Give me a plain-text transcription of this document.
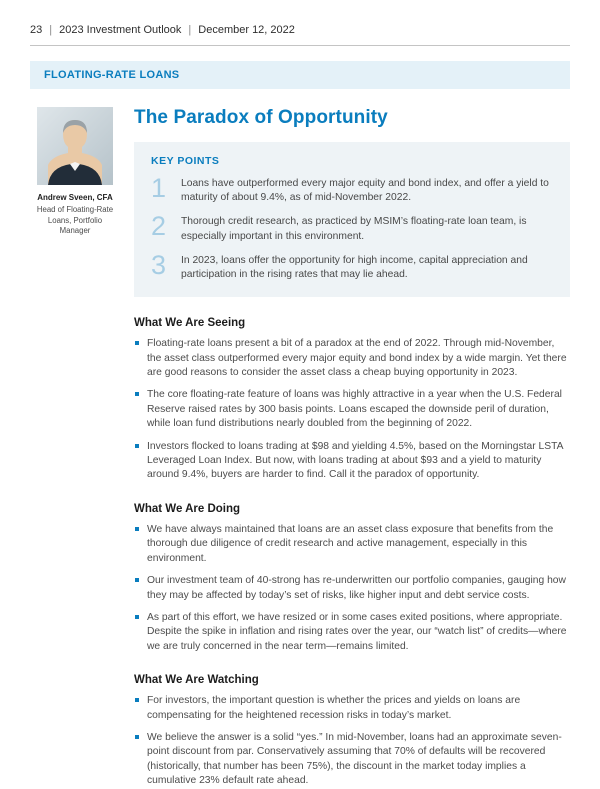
23 | 2023 Investment Outlook | December 12, 2022
FLOATING-RATE LOANS
Andrew Sveen, CFA
Head of Floating-Rate Loans, Portfolio Manager
The Paradox of Opportunity
KEY POINTS
1	Loans have outperformed every major equity and bond index, and offer a yield to maturity of about 9.4%, as of mid-November 2022.
2	Thorough credit research, as practiced by MSIM’s floating-rate loan team, is especially important in this environment.
3	In 2023, loans offer the opportunity for high income, capital appreciation and participation in the rising rates that may lie ahead.
What We Are Seeing
Floating-rate loans present a bit of a paradox at the end of 2022. Through mid-November, the asset class outperformed every major equity and bond index by a wide margin. Yet there are good reasons to consider the asset class a cheap buying opportunity in 2023.
The core floating-rate feature of loans was highly attractive in a year when the U.S. Federal Reserve raised rates by 300 basis points. Loans escaped the downside peril of duration, while loan fund distributions nearly doubled from the beginning of 2022.
Investors flocked to loans trading at $98 and yielding 4.5%, based on the Morningstar LSTA Leveraged Loan Index. But now, with loans trading at about $93 and a yield to maturity around 9.4%, buyers are harder to find. Call it the paradox of opportunity.
What We Are Doing
We have always maintained that loans are an asset class exposure that benefits from the thorough due diligence of credit research and active management, especially in this environment.
Our investment team of 40-strong has re-underwritten our portfolio companies, gauging how they may be affected by today’s set of risks, like higher input and debt service costs.
As part of this effort, we have resized or in some cases exited positions, where appropriate. Despite the spike in inflation and rising rates over the year, our “watch list” of credits—where we are truly concerned in the near term—remains limited.
What We Are Watching
For investors, the important question is whether the prices and yields on loans are compensating for the heightened recession risks in today’s market.
We believe the answer is a solid “yes.” In mid-November, loans had an approximate seven-point discount from par. Conservatively assuming that 70% of defaults will be recovered (historically, that number has been 75%), the discount in the market today implies a cumulative 23% default rate ahead.
